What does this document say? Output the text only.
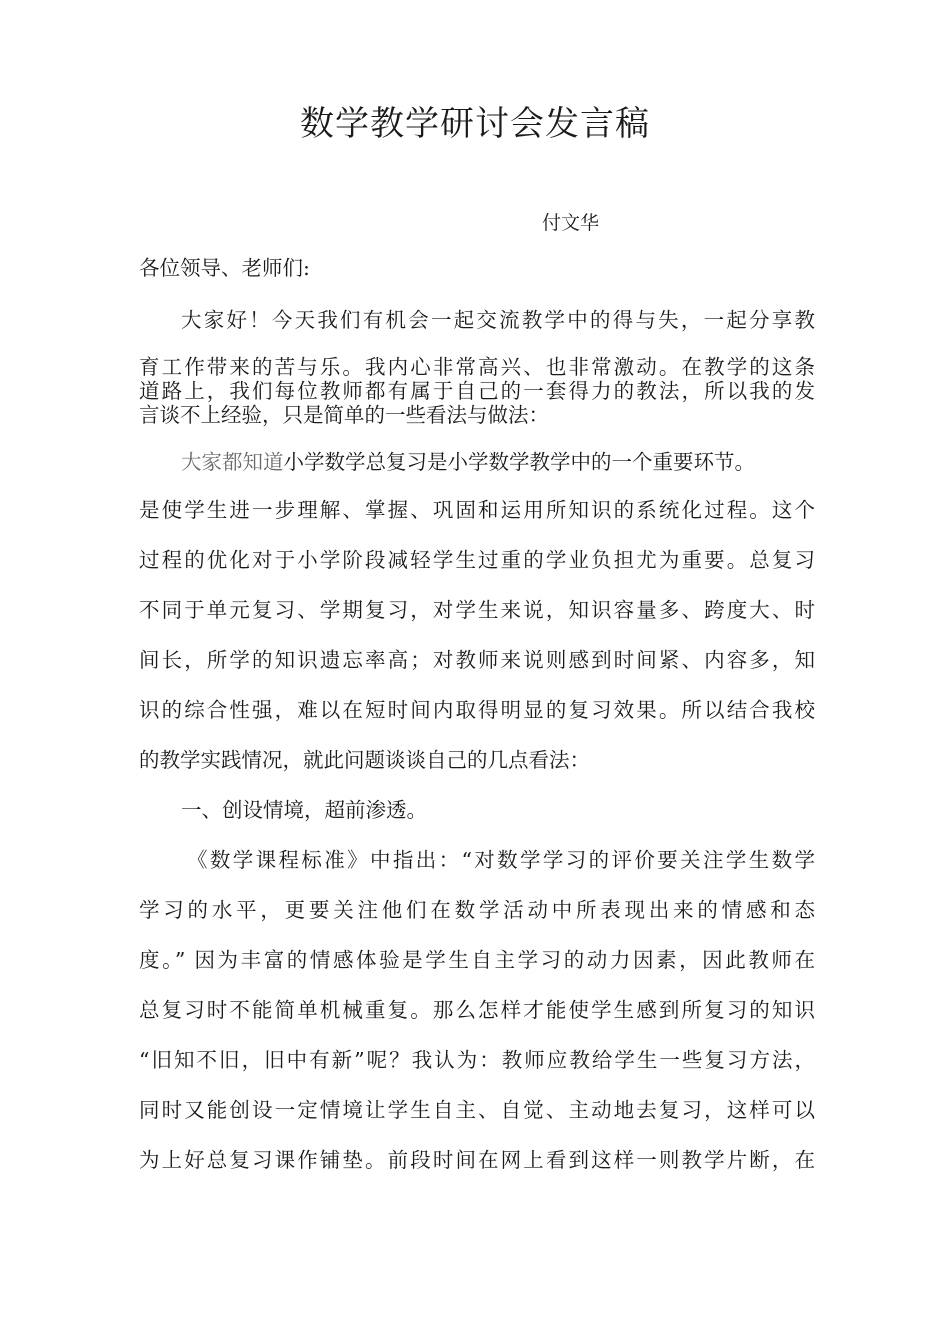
数学教学研讨会发言稿
付文华
各位领导、老师们:
大家好！今天我们有机会一起交流教学中的得与失，一起分享教
育工作带来的苦与乐。我内心非常高兴、也非常激动。在教学的这条
道路上，我们每位教师都有属于自己的一套得力的教法，所以我的发
言谈不上经验，只是简单的一些看法与做法：
大家都知道小学数学总复习是小学数学教学中的一个重要环节。
是使学生进一步理解、掌握、巩固和运用所知识的系统化过程。这个
过程的优化对于小学阶段减轻学生过重的学业负担尤为重要。总复习
不同于单元复习、学期复习，对学生来说，知识容量多、跨度大、时
间长，所学的知识遗忘率高；对教师来说则感到时间紧、内容多，知
识的综合性强，难以在短时间内取得明显的复习效果。所以结合我校
的教学实践情况，就此问题谈谈自己的几点看法：
一、创设情境，超前渗透。
《数学课程标准》中指出：“对数学学习的评价要关注学生数学
学习的水平，更要关注他们在数学活动中所表现出来的情感和态
度。” 因为丰富的情感体验是学生自主学习的动力因素，因此教师在
总复习时不能简单机械重复。那么怎样才能使学生感到所复习的知识
“旧知不旧，旧中有新”呢？我认为：教师应教给学生一些复习方法，
同时又能创设一定情境让学生自主、自觉、主动地去复习，这样可以
为上好总复习课作铺垫。前段时间在网上看到这样一则教学片断，在
